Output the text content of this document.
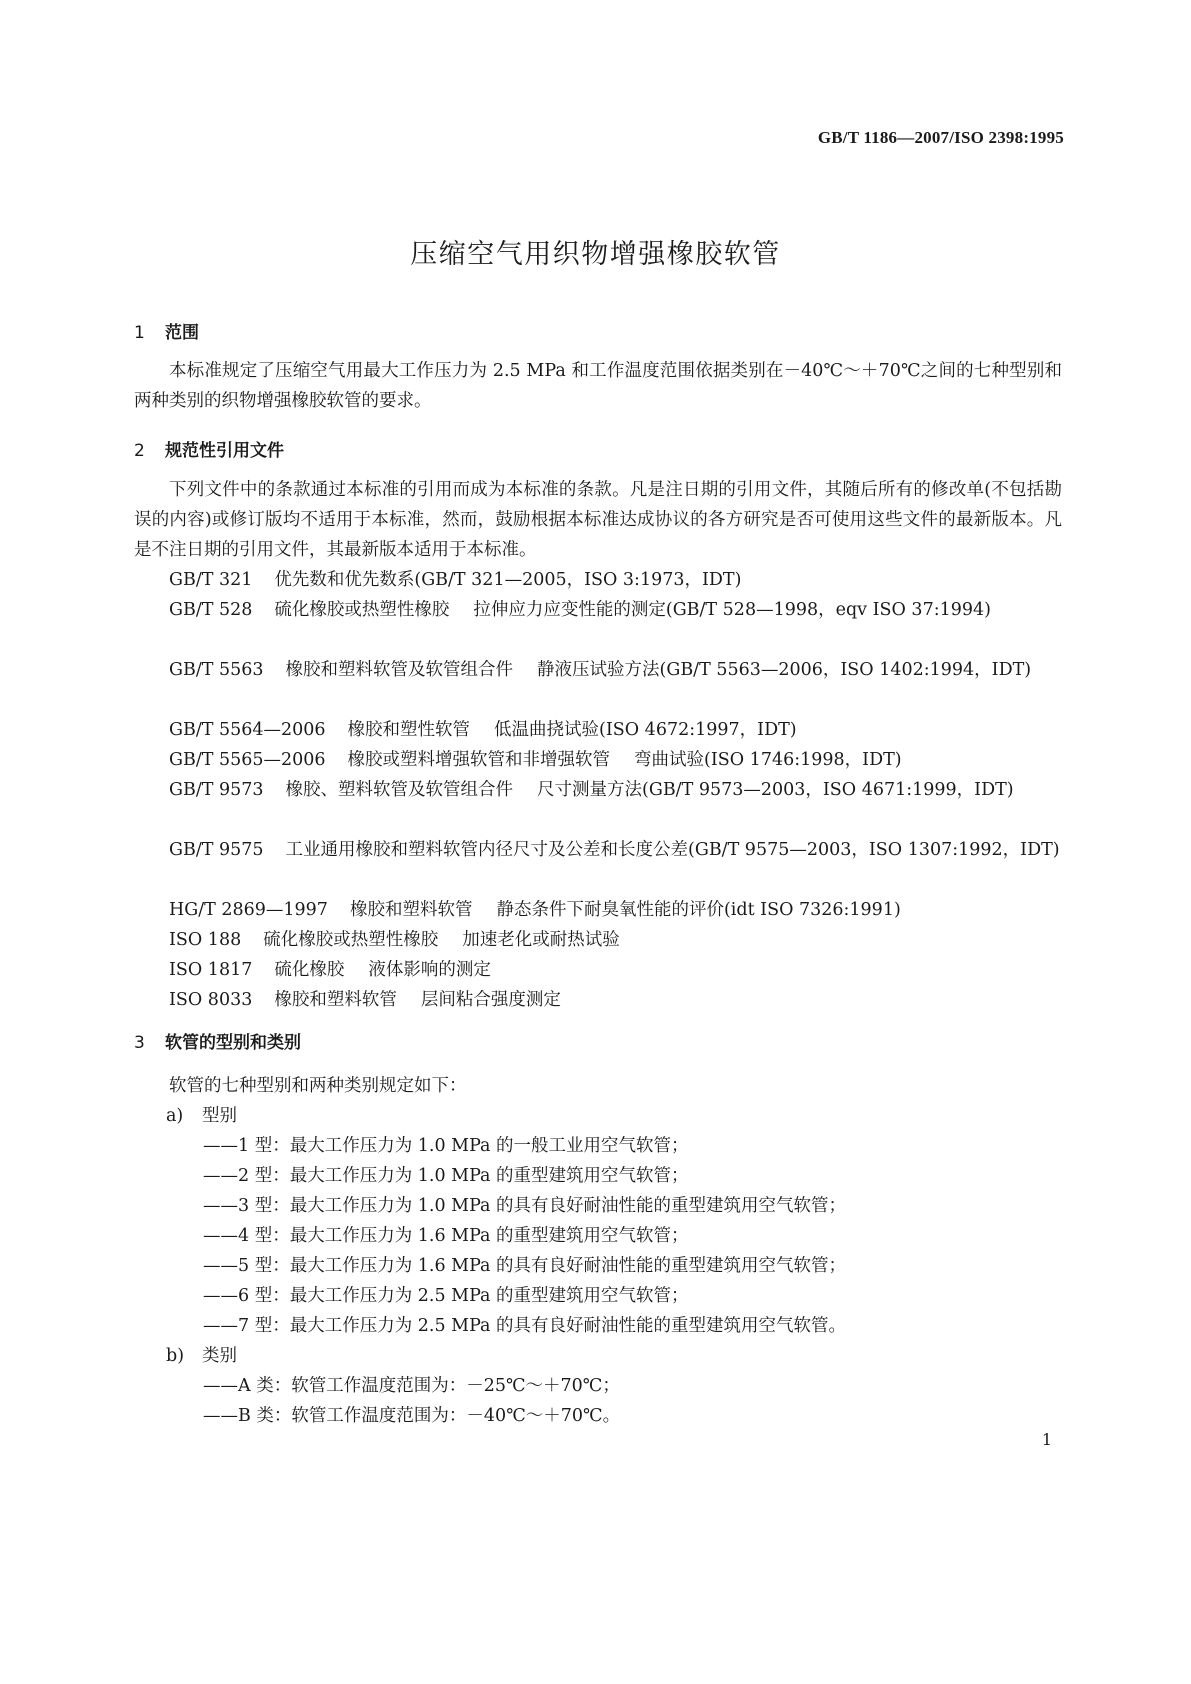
GB/T 1186—2007/ISO 2398:1995
压缩空气用织物增强橡胶软管
1 范围

本标准规定了压缩空气用最大工作压力为 2.5 MPa 和工作温度范围依据类别在－40℃～＋70℃之间的七种型别和两种类别的织物增强橡胶软管的要求。

2 规范性引用文件

下列文件中的条款通过本标准的引用而成为本标准的条款。凡是注日期的引用文件，其随后所有的修改单(不包括勘误的内容)或修订版均不适用于本标准，然而，鼓励根据本标准达成协议的各方研究是否可使用这些文件的最新版本。凡是不注日期的引用文件，其最新版本适用于本标准。

GB/T 321 优先数和优先数系(GB/T 321—2005，ISO 3:1973，IDT)
GB/T 528 硫化橡胶或热塑性橡胶 拉伸应力应变性能的测定(GB/T 528—1998，eqv ISO 37:1994)
GB/T 5563 橡胶和塑料软管及软管组合件 静液压试验方法(GB/T 5563—2006，ISO 1402:1994，IDT)
GB/T 5564—2006 橡胶和塑性软管 低温曲挠试验(ISO 4672:1997，IDT)
GB/T 5565—2006 橡胶或塑料增强软管和非增强软管 弯曲试验(ISO 1746:1998，IDT)
GB/T 9573 橡胶、塑料软管及软管组合件 尺寸测量方法(GB/T 9573—2003，ISO 4671:1999，IDT)
GB/T 9575 工业通用橡胶和塑料软管内径尺寸及公差和长度公差(GB/T 9575—2003，ISO 1307:1992，IDT)
HG/T 2869—1997 橡胶和塑料软管 静态条件下耐臭氧性能的评价(idt ISO 7326:1991)
ISO 188 硫化橡胶或热塑性橡胶 加速老化或耐热试验
ISO 1817 硫化橡胶 液体影响的测定
ISO 8033 橡胶和塑料软管 层间粘合强度测定
3 软管的型别和类别
软管的七种型别和两种类别规定如下：
a) 型别
——1 型：最大工作压力为 1.0 MPa 的一般工业用空气软管；
——2 型：最大工作压力为 1.0 MPa 的重型建筑用空气软管；
——3 型：最大工作压力为 1.0 MPa 的具有良好耐油性能的重型建筑用空气软管；
——4 型：最大工作压力为 1.6 MPa 的重型建筑用空气软管；
——5 型：最大工作压力为 1.6 MPa 的具有良好耐油性能的重型建筑用空气软管；
——6 型：最大工作压力为 2.5 MPa 的重型建筑用空气软管；
——7 型：最大工作压力为 2.5 MPa 的具有良好耐油性能的重型建筑用空气软管。
b) 类别
——A 类：软管工作温度范围为：－25℃～＋70℃；
——B 类：软管工作温度范围为：－40℃～＋70℃。
1
